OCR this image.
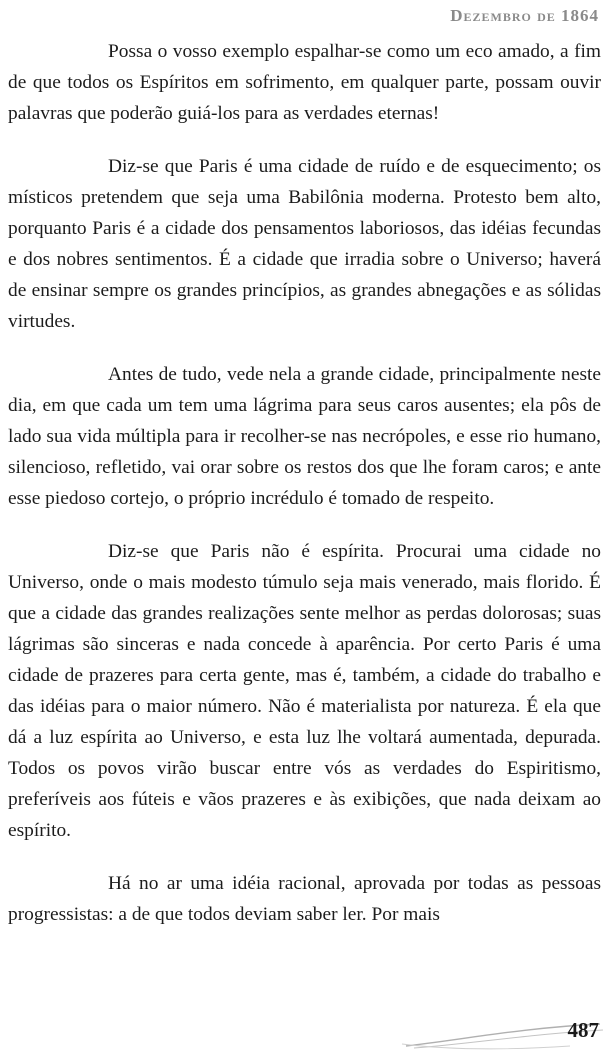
Dezembro de 1864

Possa o vosso exemplo espalhar-se como um eco amado, a fim de que todos os Espíritos em sofrimento, em qualquer parte, possam ouvir palavras que poderão guiá-los para as verdades eternas!

Diz-se que Paris é uma cidade de ruído e de esquecimento; os místicos pretendem que seja uma Babilônia moderna. Protesto bem alto, porquanto Paris é a cidade dos pensamentos laboriosos, das idéias fecundas e dos nobres sentimentos. É a cidade que irradia sobre o Universo; haverá de ensinar sempre os grandes princípios, as grandes abnegações e as sólidas virtudes.

Antes de tudo, vede nela a grande cidade, principalmente neste dia, em que cada um tem uma lágrima para seus caros ausentes; ela pôs de lado sua vida múltipla para ir recolher-se nas necrópoles, e esse rio humano, silencioso, refletido, vai orar sobre os restos dos que lhe foram caros; e ante esse piedoso cortejo, o próprio incrédulo é tomado de respeito.

Diz-se que Paris não é espírita. Procurai uma cidade no Universo, onde o mais modesto túmulo seja mais venerado, mais florido. É que a cidade das grandes realizações sente melhor as perdas dolorosas; suas lágrimas são sinceras e nada concede à aparência. Por certo Paris é uma cidade de prazeres para certa gente, mas é, também, a cidade do trabalho e das idéias para o maior número. Não é materialista por natureza. É ela que dá a luz espírita ao Universo, e esta luz lhe voltará aumentada, depurada. Todos os povos virão buscar entre vós as verdades do Espiritismo, preferíveis aos fúteis e vãos prazeres e às exibições, que nada deixam ao espírito.

Há no ar uma idéia racional, aprovada por todas as pessoas progressistas: a de que todos deviam saber ler. Por mais

487
